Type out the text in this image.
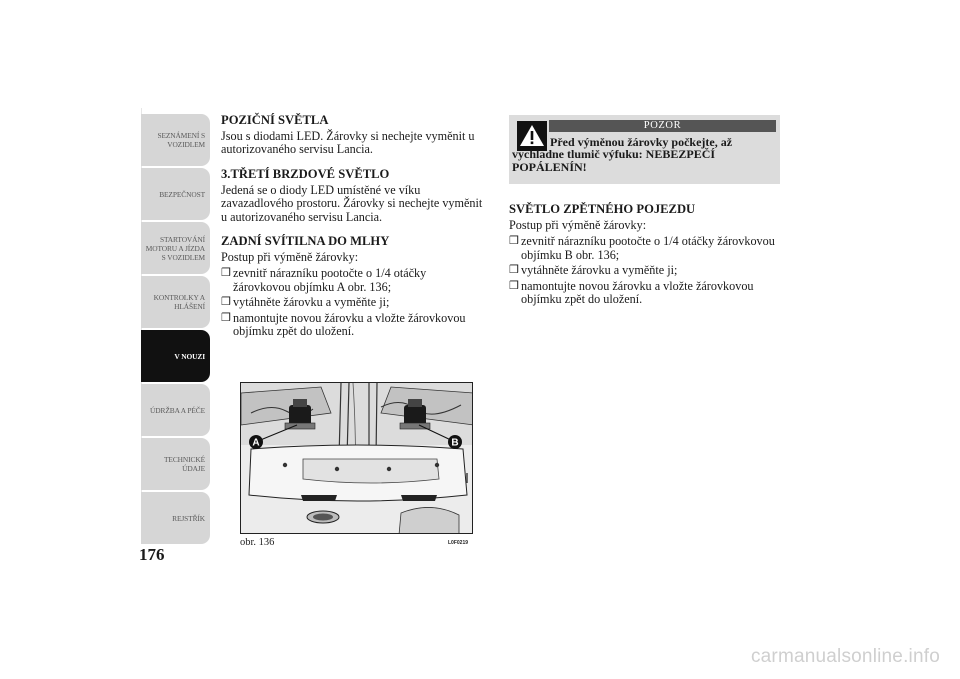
SEZNÁMENÍ S
VOZIDLEM
BEZPEČNOST
STARTOVÁNÍ
MOTORU A JÍZDA
S VOZIDLEM
KONTROLKY A
HLÁŠENÍ
V NOUZI
ÚDRŽBA A PÉČE
TECHNICKÉ
ÚDAJE
REJSTŘÍK
176
POZIČNÍ SVĚTLA

Jsou s diodami LED. Žárovky si nechejte vyměnit u autorizovaného servisu Lancia.

3.TŘETÍ BRZDOVÉ SVĚTLO

Jedená se o diody LED umístěné ve víku zavazadlového prostoru. Žárovky si nechejte vyměnit u autorizovaného servisu Lancia.

ZADNÍ SVÍTILNA DO MLHY
Postup při výměně žárovky:
❒ zevnitř nárazníku pootočte o 1/4 otáčky žárovkovou objímku A obr. 136;
❒ vytáhněte žárovku a vyměňte ji;
❒ namontujte novou žárovku a vložte žárovkovou objímku zpět do uložení.
A	B
obr. 136	L0F0219
POZOR
Před výměnou žárovky počkejte, až vychladne tlumič výfuku: NEBEZPEČÍ POPÁLENÍN!
SVĚTLO ZPĚTNÉHO POJEZDU
Postup při výměně žárovky:
❒ zevnitř nárazníku pootočte o 1/4 otáčky žárovkovou objímku B obr. 136;
❒ vytáhněte žárovku a vyměňte ji;
❒ namontujte novou žárovku a vložte žárovkovou objímku zpět do uložení.
carmanualsonline.info
